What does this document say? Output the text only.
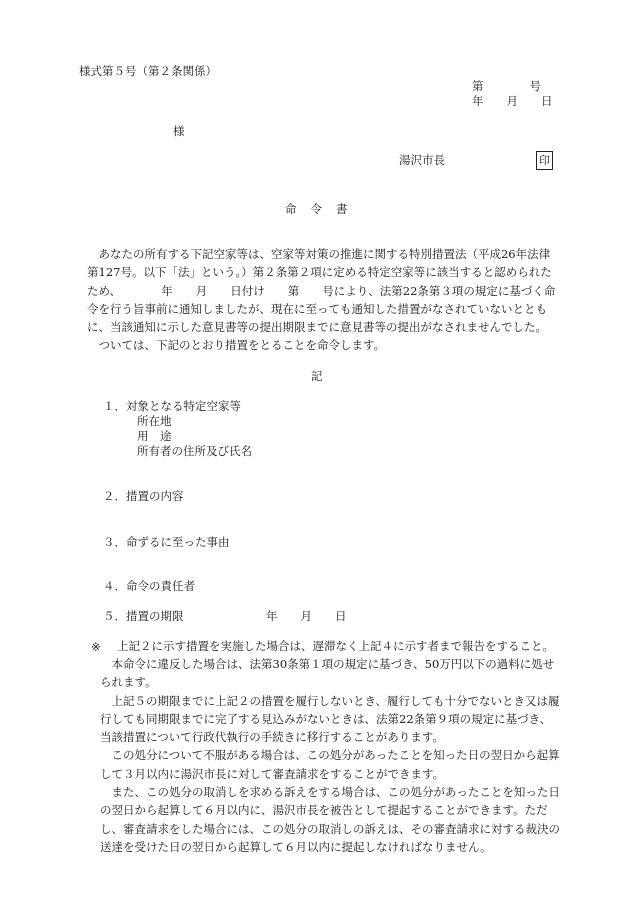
様式第５号（第２条関係）
第　　　　号
年　　月　　日
様
湯沢市長	印
命令書

あなたの所有する下記空家等は、空家等対策の推進に関する特別措置法（平成26年法律第127号。以下「法」という。）第２条第２項に定める特定空家等に該当すると認められたため、　　　　年　　月　　日付け　　第　　号により、法第22条第３項の規定に基づく命令を行う旨事前に通知しましたが、現在に至っても通知した措置がなされていないとともに、当該通知に示した意見書等の提出期限までに意見書等の提出がなされませんでした。

ついては、下記のとおり措置をとることを命令します。

記
１．対象となる特定空家等
所在地
用　途
所有者の住所及び氏名
２．措置の内容
３．命ずるに至った事由
４．命令の責任者
５．措置の期限	年　　月　　日
※ 上記２に示す措置を実施した場合は、遅滞なく上記４に示す者まで報告をすること。

本命令に違反した場合は、法第30条第１項の規定に基づき、50万円以下の過料に処せられます。

上記５の期限までに上記２の措置を履行しないとき、履行しても十分でないとき又は履行しても同期限までに完了する見込みがないときは、法第22条第９項の規定に基づき、当該措置について行政代執行の手続きに移行することがあります。

この処分について不服がある場合は、この処分があったことを知った日の翌日から起算して３月以内に湯沢市長に対して審査請求をすることができます。

また、この処分の取消しを求める訴えをする場合は、この処分があったことを知った日の翌日から起算して６月以内に、湯沢市長を被告として提起することができます。ただし、審査請求をした場合には、この処分の取消しの訴えは、その審査請求に対する裁決の送達を受けた日の翌日から起算して６月以内に提起しなければなりません。
